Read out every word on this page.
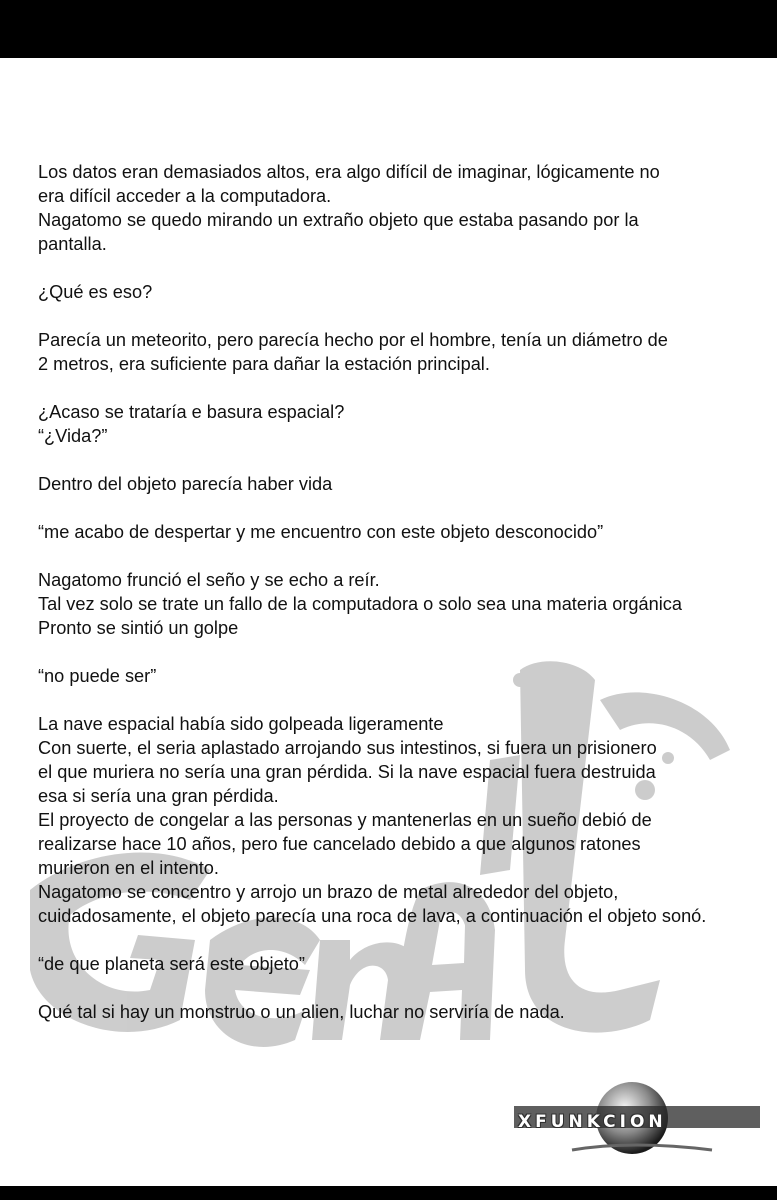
Los datos eran demasiados altos, era algo difícil de imaginar, lógicamente no
era difícil acceder a la computadora.
Nagatomo se quedo mirando un extraño objeto que estaba pasando por la
pantalla.

¿Qué es eso?

Parecía un meteorito, pero parecía hecho por el hombre, tenía un diámetro de
2 metros, era suficiente para dañar la estación principal.

¿Acaso se trataría e basura espacial?
“¿Vida?”

Dentro del objeto parecía haber vida

“me acabo de despertar y me encuentro con este objeto desconocido”

Nagatomo frunció el seño y se echo a reír.
Tal vez solo se trate un fallo de la computadora o solo sea una materia orgánica
Pronto se sintió un golpe

“no puede ser”

La nave espacial había sido golpeada ligeramente
Con suerte, el seria aplastado arrojando sus intestinos, si fuera un prisionero
el que muriera no sería una gran pérdida. Si la nave espacial fuera destruida
esa si sería una gran pérdida.
El proyecto de congelar a las personas y mantenerlas en un sueño debió de
realizarse hace 10 años, pero fue cancelado debido a que algunos ratones
murieron en el intento.
Nagatomo se concentro y arrojo un brazo de metal alrededor del objeto,
cuidadosamente, el objeto parecía una roca de lava, a continuación el objeto sonó.

“de que planeta será este objeto”

Qué tal si hay un monstruo o un alien, luchar no serviría de nada.

XFUNKCION
